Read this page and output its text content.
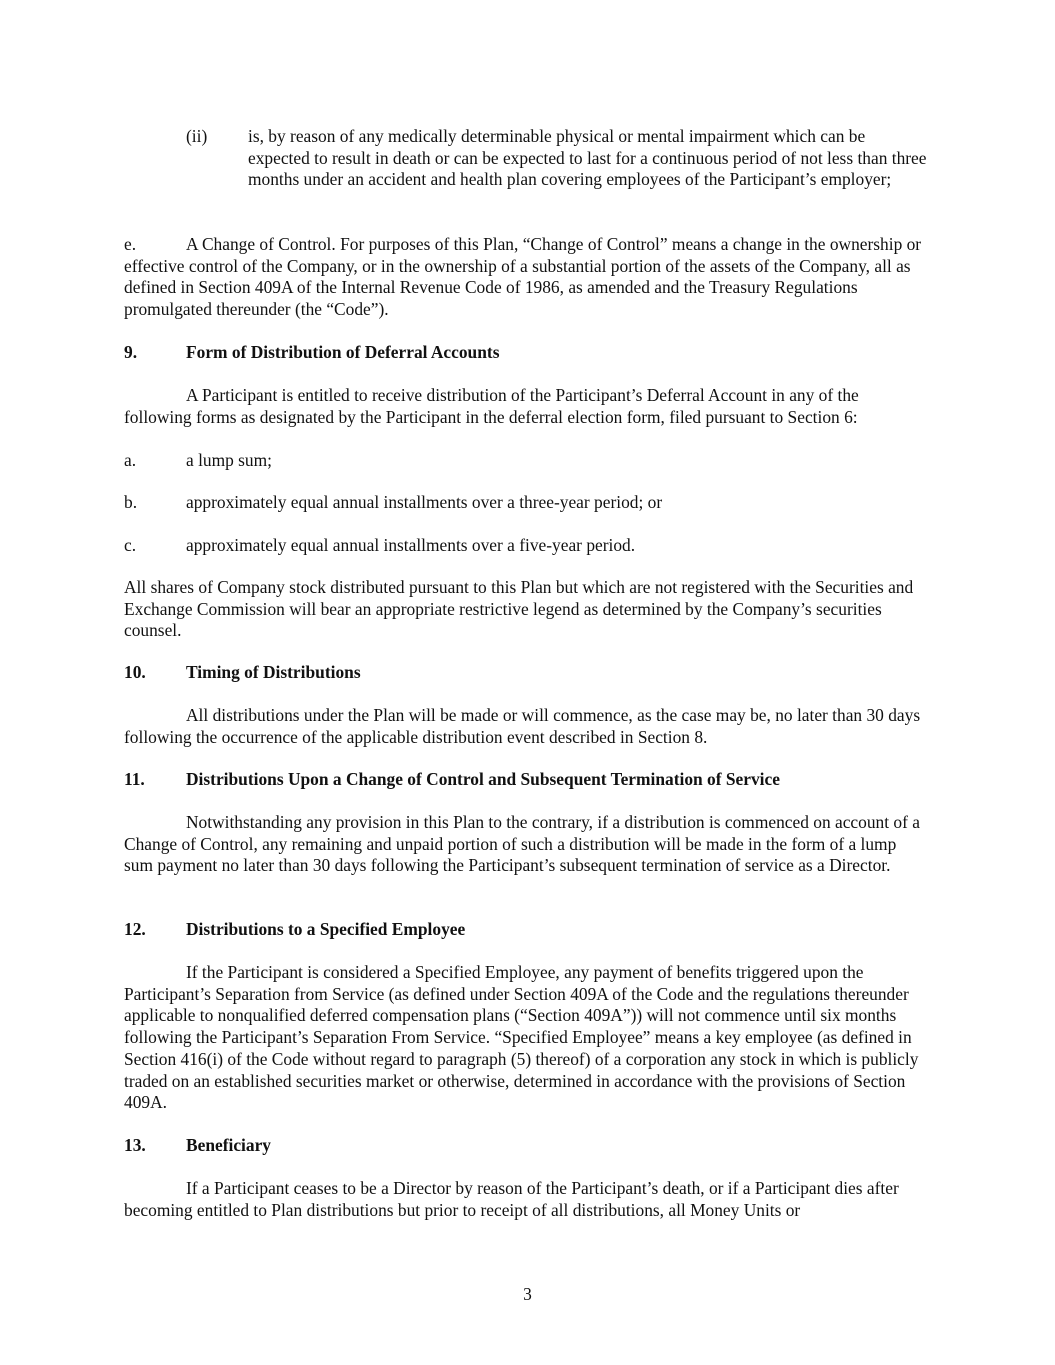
(ii) is, by reason of any medically determinable physical or mental impairment which can be expected to result in death or can be expected to last for a continuous period of not less than three months under an accident and health plan covering employees of the Participant’s employer;

e.	A Change of Control. For purposes of this Plan, “Change of Control” means a change in the ownership or effective control of the Company, or in the ownership of a substantial portion of the assets of the Company, all as defined in Section 409A of the Internal Revenue Code of 1986, as amended and the Treasury Regulations promulgated thereunder (the “Code”).

9.	Form of Distribution of Deferral Accounts

A Participant is entitled to receive distribution of the Participant’s Deferral Account in any of the following forms as designated by the Participant in the deferral election form, filed pursuant to Section 6:

a.	a lump sum;
b.	approximately equal annual installments over a three-year period; or
c.	approximately equal annual installments over a five-year period.

All shares of Company stock distributed pursuant to this Plan but which are not registered with the Securities and Exchange Commission will bear an appropriate restrictive legend as determined by the Company’s securities counsel.

10. Timing of Distributions

All distributions under the Plan will be made or will commence, as the case may be, no later than 30 days following the occurrence of the applicable distribution event described in Section 8.

11. Distributions Upon a Change of Control and Subsequent Termination of Service

Notwithstanding any provision in this Plan to the contrary, if a distribution is commenced on account of a Change of Control, any remaining and unpaid portion of such a distribution will be made in the form of a lump sum payment no later than 30 days following the Participant’s subsequent termination of service as a Director.

12. Distributions to a Specified Employee

If the Participant is considered a Specified Employee, any payment of benefits triggered upon the Participant’s Separation from Service (as defined under Section 409A of the Code and the regulations thereunder applicable to nonqualified deferred compensation plans (“Section 409A”)) will not commence until six months following the Participant’s Separation From Service. “Specified Employee” means a key employee (as defined in Section 416(i) of the Code without regard to paragraph (5) thereof) of a corporation any stock in which is publicly traded on an established securities market or otherwise, determined in accordance with the provisions of Section 409A.

13. Beneficiary

If a Participant ceases to be a Director by reason of the Participant’s death, or if a Participant dies after becoming entitled to Plan distributions but prior to receipt of all distributions, all Money Units or

3
